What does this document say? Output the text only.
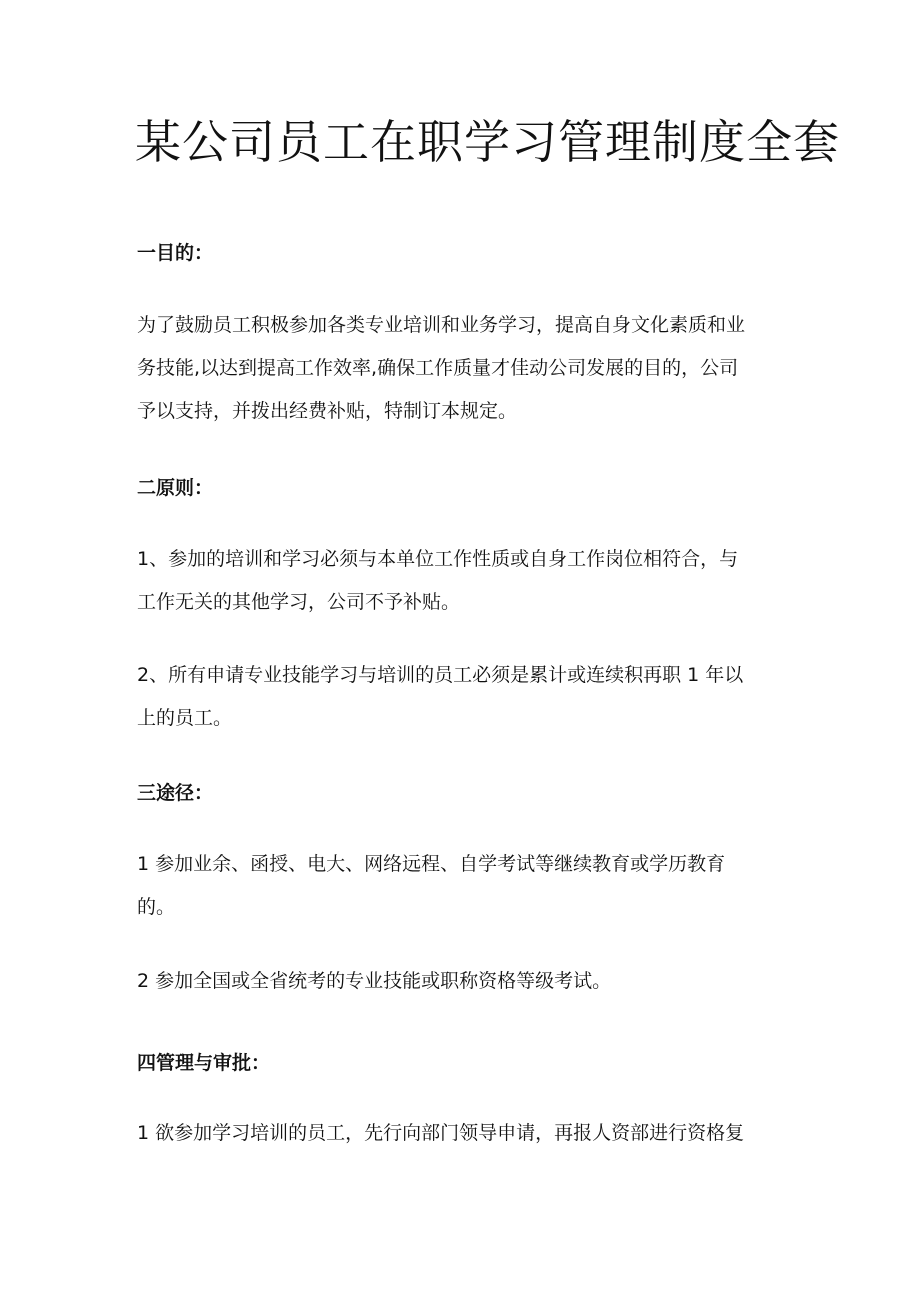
某公司员工在职学习管理制度全套
一目的：

为了鼓励员工积极参加各类专业培训和业务学习，提高自身文化素质和业
务技能,以达到提高工作效率,确保工作质量才佳动公司发展的目的，公司
予以支持，并拨出经费补贴，特制订本规定。

二原则：

1、参加的培训和学习必须与本单位工作性质或自身工作岗位相符合，与
工作无关的其他学习，公司不予补贴。

2、所有申请专业技能学习与培训的员工必须是累计或连续积再职 1 年以
上的员工。

三途径：

1 参加业余、函授、电大、网络远程、自学考试等继续教育或学历教育
的。

2 参加全国或全省统考的专业技能或职称资格等级考试。

四管理与审批：

1 欲参加学习培训的员工，先行向部门领导申请，再报人资部进行资格复
